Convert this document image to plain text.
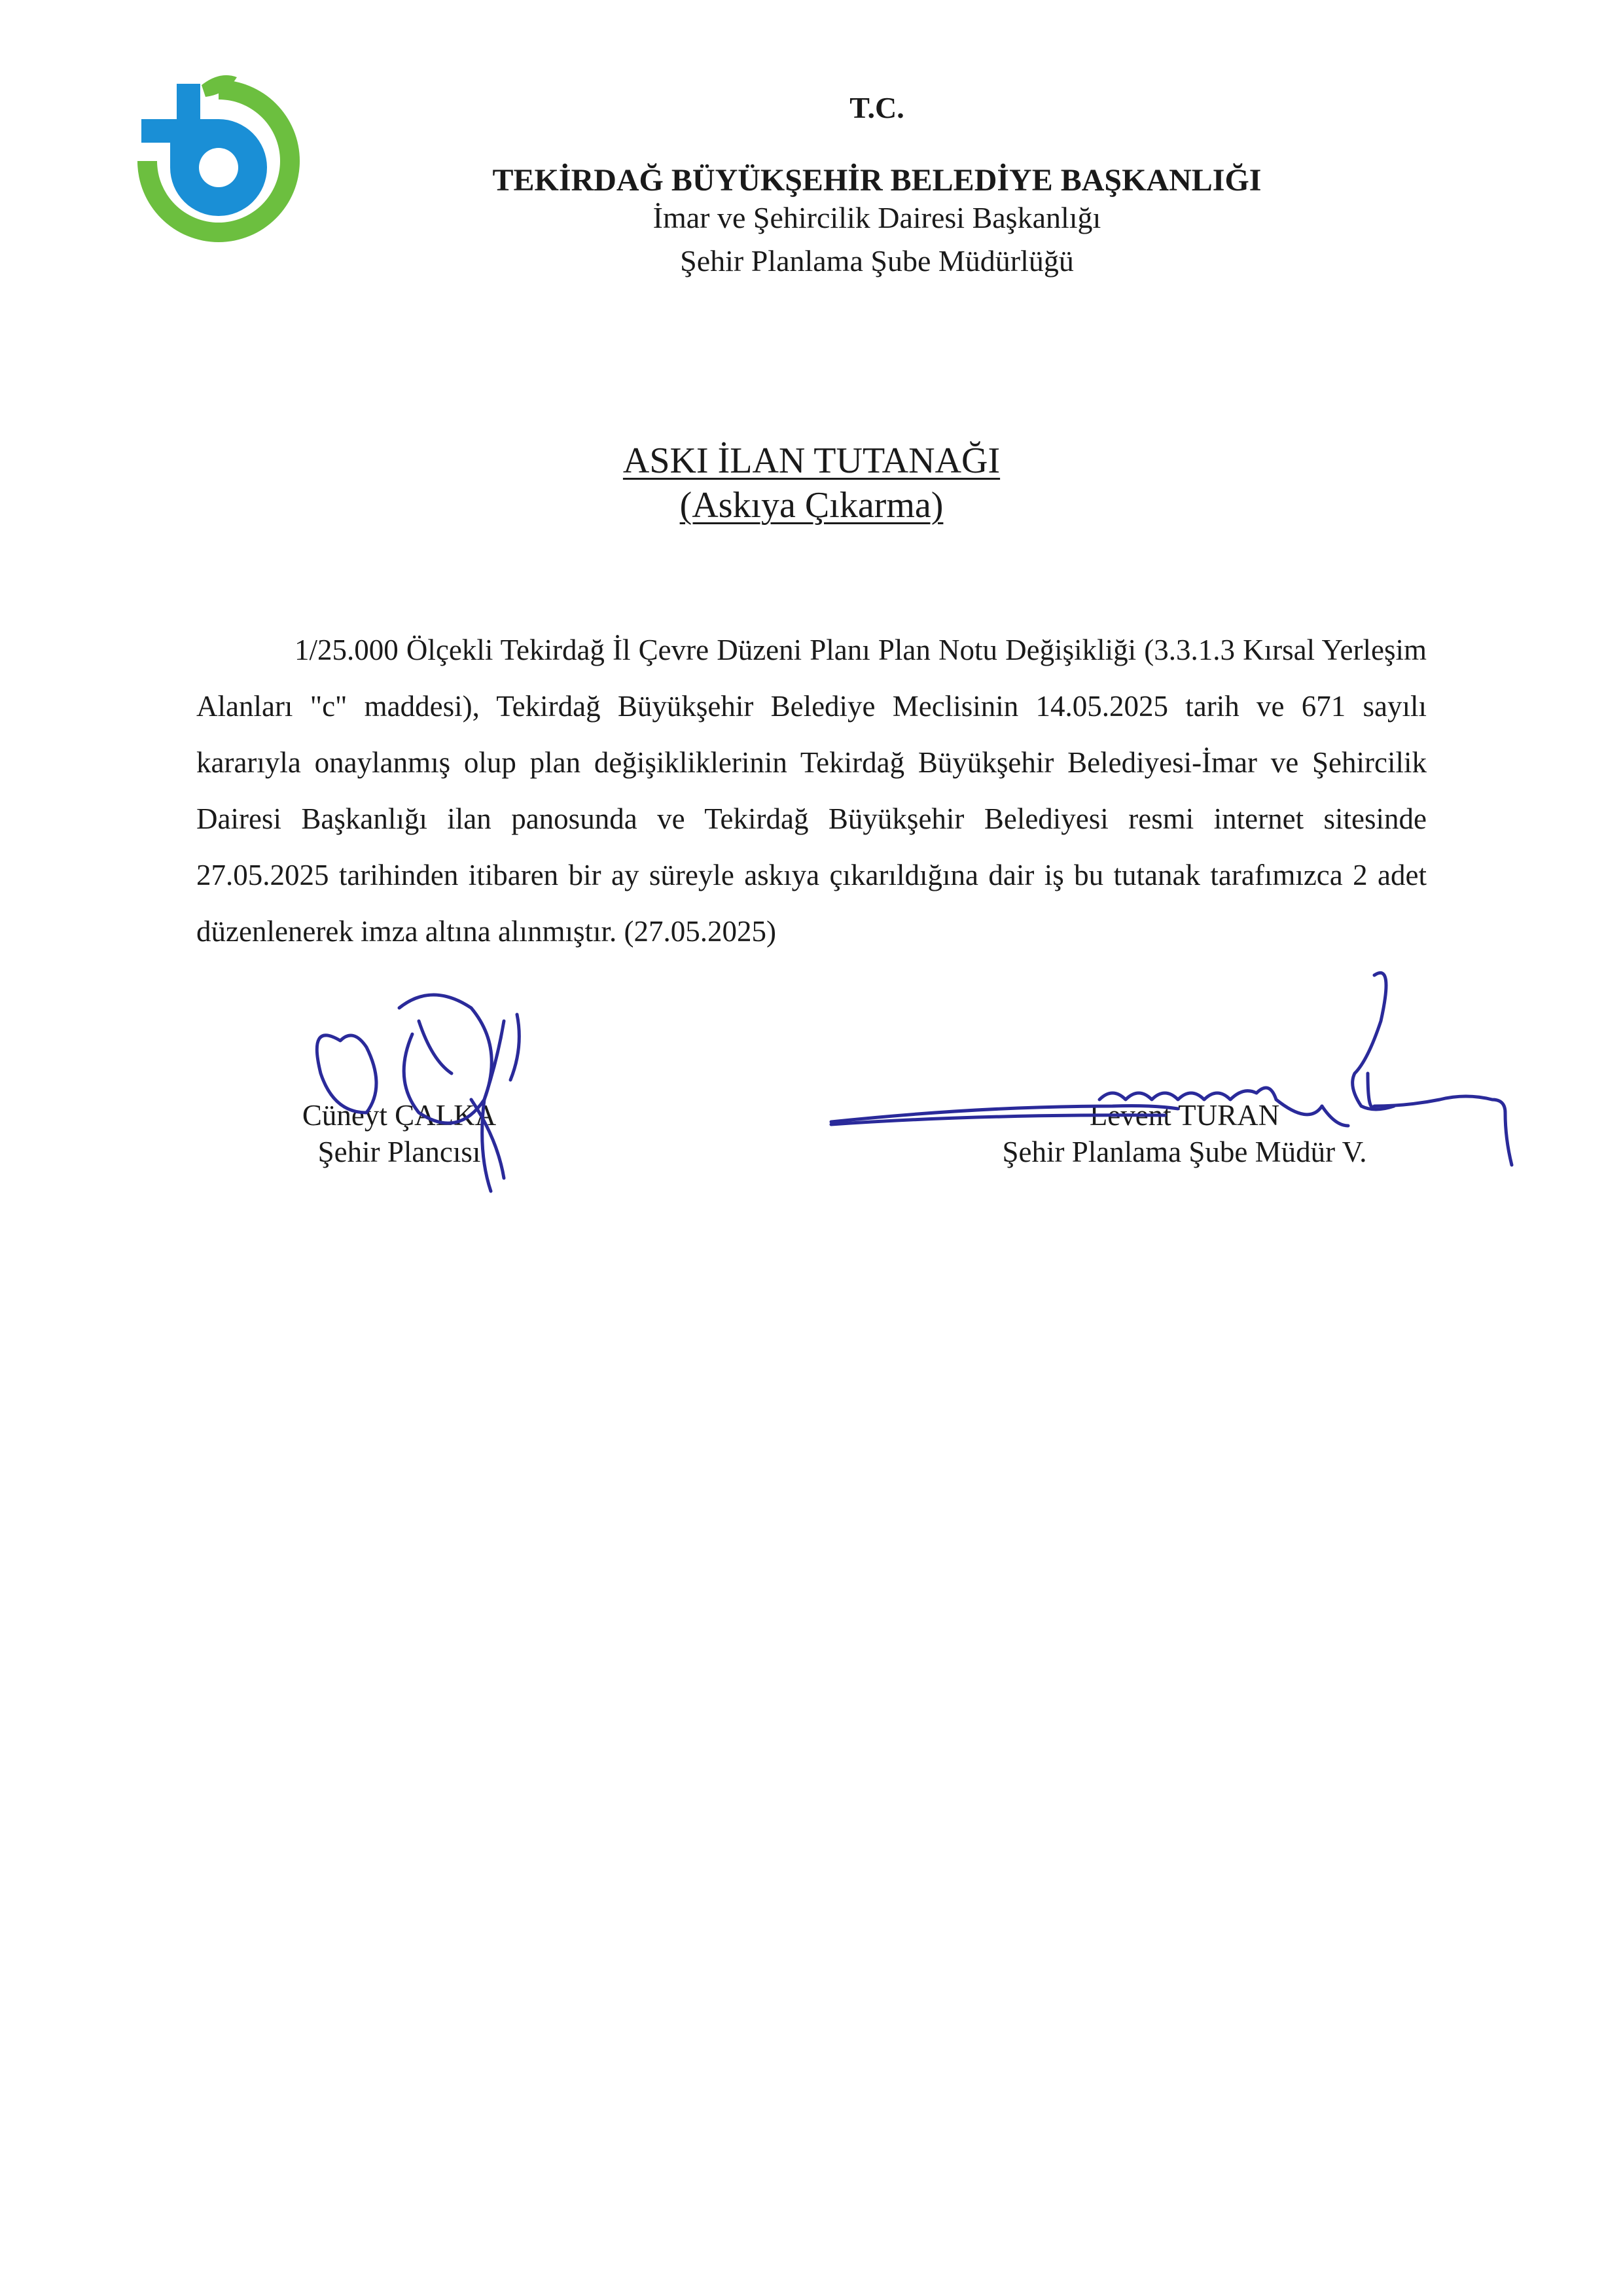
T.C.
TEKİRDAĞ BÜYÜKŞEHİR BELEDİYE BAŞKANLIĞI
İmar ve Şehircilik Dairesi Başkanlığı
Şehir Planlama Şube Müdürlüğü
ASKI İLAN TUTANAĞI
(Askıya Çıkarma)
1/25.000 Ölçekli Tekirdağ İl Çevre Düzeni Planı Plan Notu Değişikliği (3.3.1.3 Kırsal Yerleşim Alanları "c" maddesi), Tekirdağ Büyükşehir Belediye Meclisinin 14.05.2025 tarih ve 671 sayılı kararıyla onaylanmış olup plan değişikliklerinin Tekirdağ Büyükşehir Belediyesi-İmar ve Şehircilik Dairesi Başkanlığı ilan panosunda ve Tekirdağ Büyükşehir Belediyesi resmi internet sitesinde 27.05.2025 tarihinden itibaren bir ay süreyle askıya çıkarıldığına dair iş bu tutanak tarafımızca 2 adet düzenlenerek imza altına alınmıştır. (27.05.2025)
Cüneyt ÇALKA
Şehir Plancısı
Levent TURAN
Şehir Planlama Şube Müdür V.
